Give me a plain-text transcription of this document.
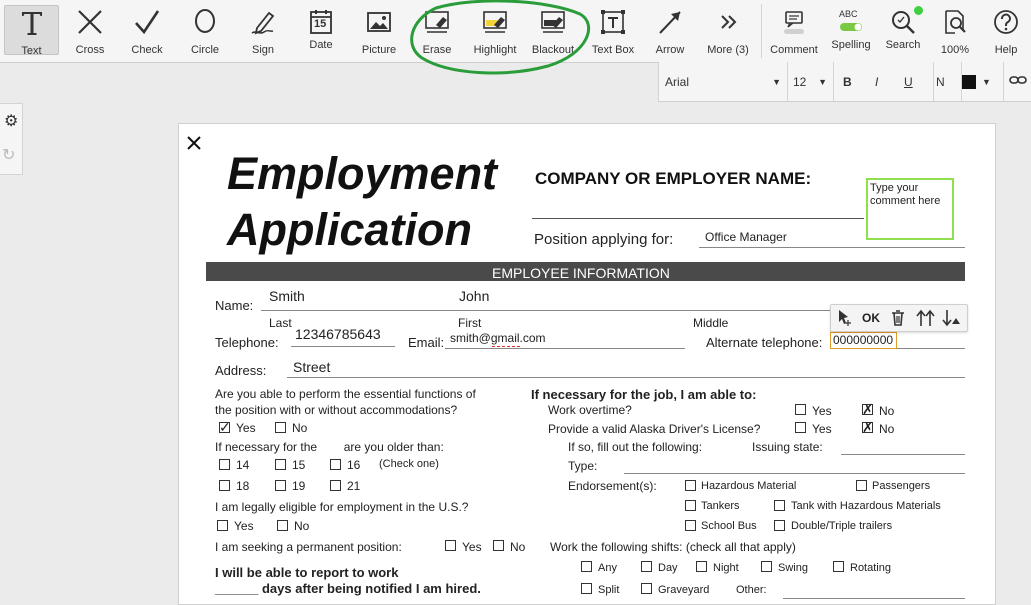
Text	Cross Check	Circle	Sign
15
Date	Picture Erase Highlight Blackout Text Box Arrow More (3) Comment
ABC
Spelling Search 100% Help
Arial	▼ 12 ▼ B I U N	▼
⚙
↻	Employment
Application
COMPANY OR EMPLOYER NAME:	Type your comment here
Position applying for:	Office Manager
EMPLOYEE INFORMATION
Name:
Smith	John
Last	First	Middle
Telephone:
12346785643
Email: smith@gmail.com	Alternate telephone: 000000000
OK
Address: Street
Are you able to perform the essential functions of
the position with or without accommodations?
✓ Yes	No
If necessary for the        are you older than:
14	15	16 (Check one)
18	19	21
I am legally eligible for employment in the U.S.?
Yes	No
I am seeking a permanent position:	Yes No
I will be able to report to work
______ days after being notified I am hired.
If necessary for the job, I am able to:
Work overtime?	Yes ✗ No
Provide a valid Alaska Driver's License?	Yes ✗ No
If so, fill out the following:	Issuing state:
Type:
Endorsement(s):	Hazardous Material	Passengers
Tankers	Tank with Hazardous Materials
School Bus	Double/Triple trailers
Work the following shifts: (check all that apply)
Any	Day	Night	Swing	Rotating
Split	Graveyard Other:
